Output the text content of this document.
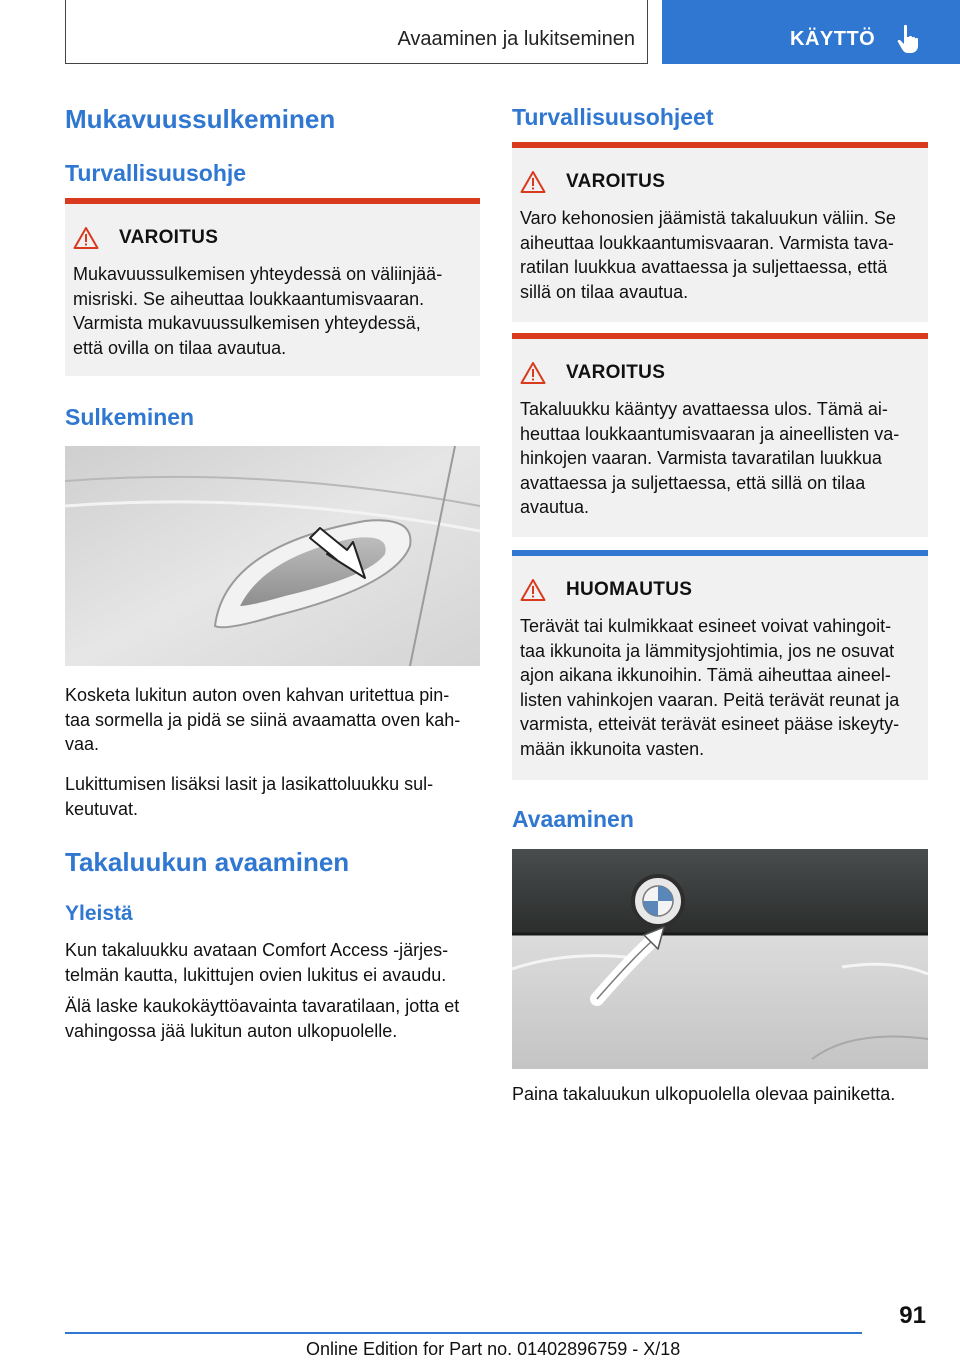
Avaaminen ja lukitseminen	KÄYTTÖ
Mukavuussulkeminen
Turvallisuusohje
VAROITUS
Mukavuussulkemisen yhteydessä on väliinjää-
misriski. Se aiheuttaa loukkaantumisvaaran.
Varmista mukavuussulkemisen yhteydessä,
että ovilla on tilaa avautua.
Sulkeminen

Kosketa lukitun auton oven kahvan uritettua pin-
taa sormella ja pidä se siinä avaamatta oven kah-
vaa.

Lukittumisen lisäksi lasit ja lasikattoluukku sul-
keutuvat.

Takaluukun avaaminen
Yleistä

Kun takaluukku avataan Comfort Access -järjes-
telmän kautta, lukittujen ovien lukitus ei avaudu.

Älä laske kaukokäyttöavainta tavaratilaan, jotta et
vahingossa jää lukitun auton ulkopuolelle.

Turvallisuusohjeet
VAROITUS
Varo kehonosien jäämistä takaluukun väliin. Se
aiheuttaa loukkaantumisvaaran. Varmista tava-
ratilan luukkua avattaessa ja suljettaessa, että
sillä on tilaa avautua.
VAROITUS
Takaluukku kääntyy avattaessa ulos. Tämä ai-
heuttaa loukkaantumisvaaran ja aineellisten va-
hinkojen vaaran. Varmista tavaratilan luukkua
avattaessa ja suljettaessa, että sillä on tilaa
avautua.
HUOMAUTUS
Terävät tai kulmikkaat esineet voivat vahingoit-
taa ikkunoita ja lämmitysjohtimia, jos ne osuvat
ajon aikana ikkunoihin. Tämä aiheuttaa aineel-
listen vahinkojen vaaran. Peitä terävät reunat ja
varmista, etteivät terävät esineet pääse iskeyty-
mään ikkunoita vasten.
Avaaminen

Paina takaluukun ulkopuolella olevaa painiketta.

91
Online Edition for Part no. 01402896759 - X/18
